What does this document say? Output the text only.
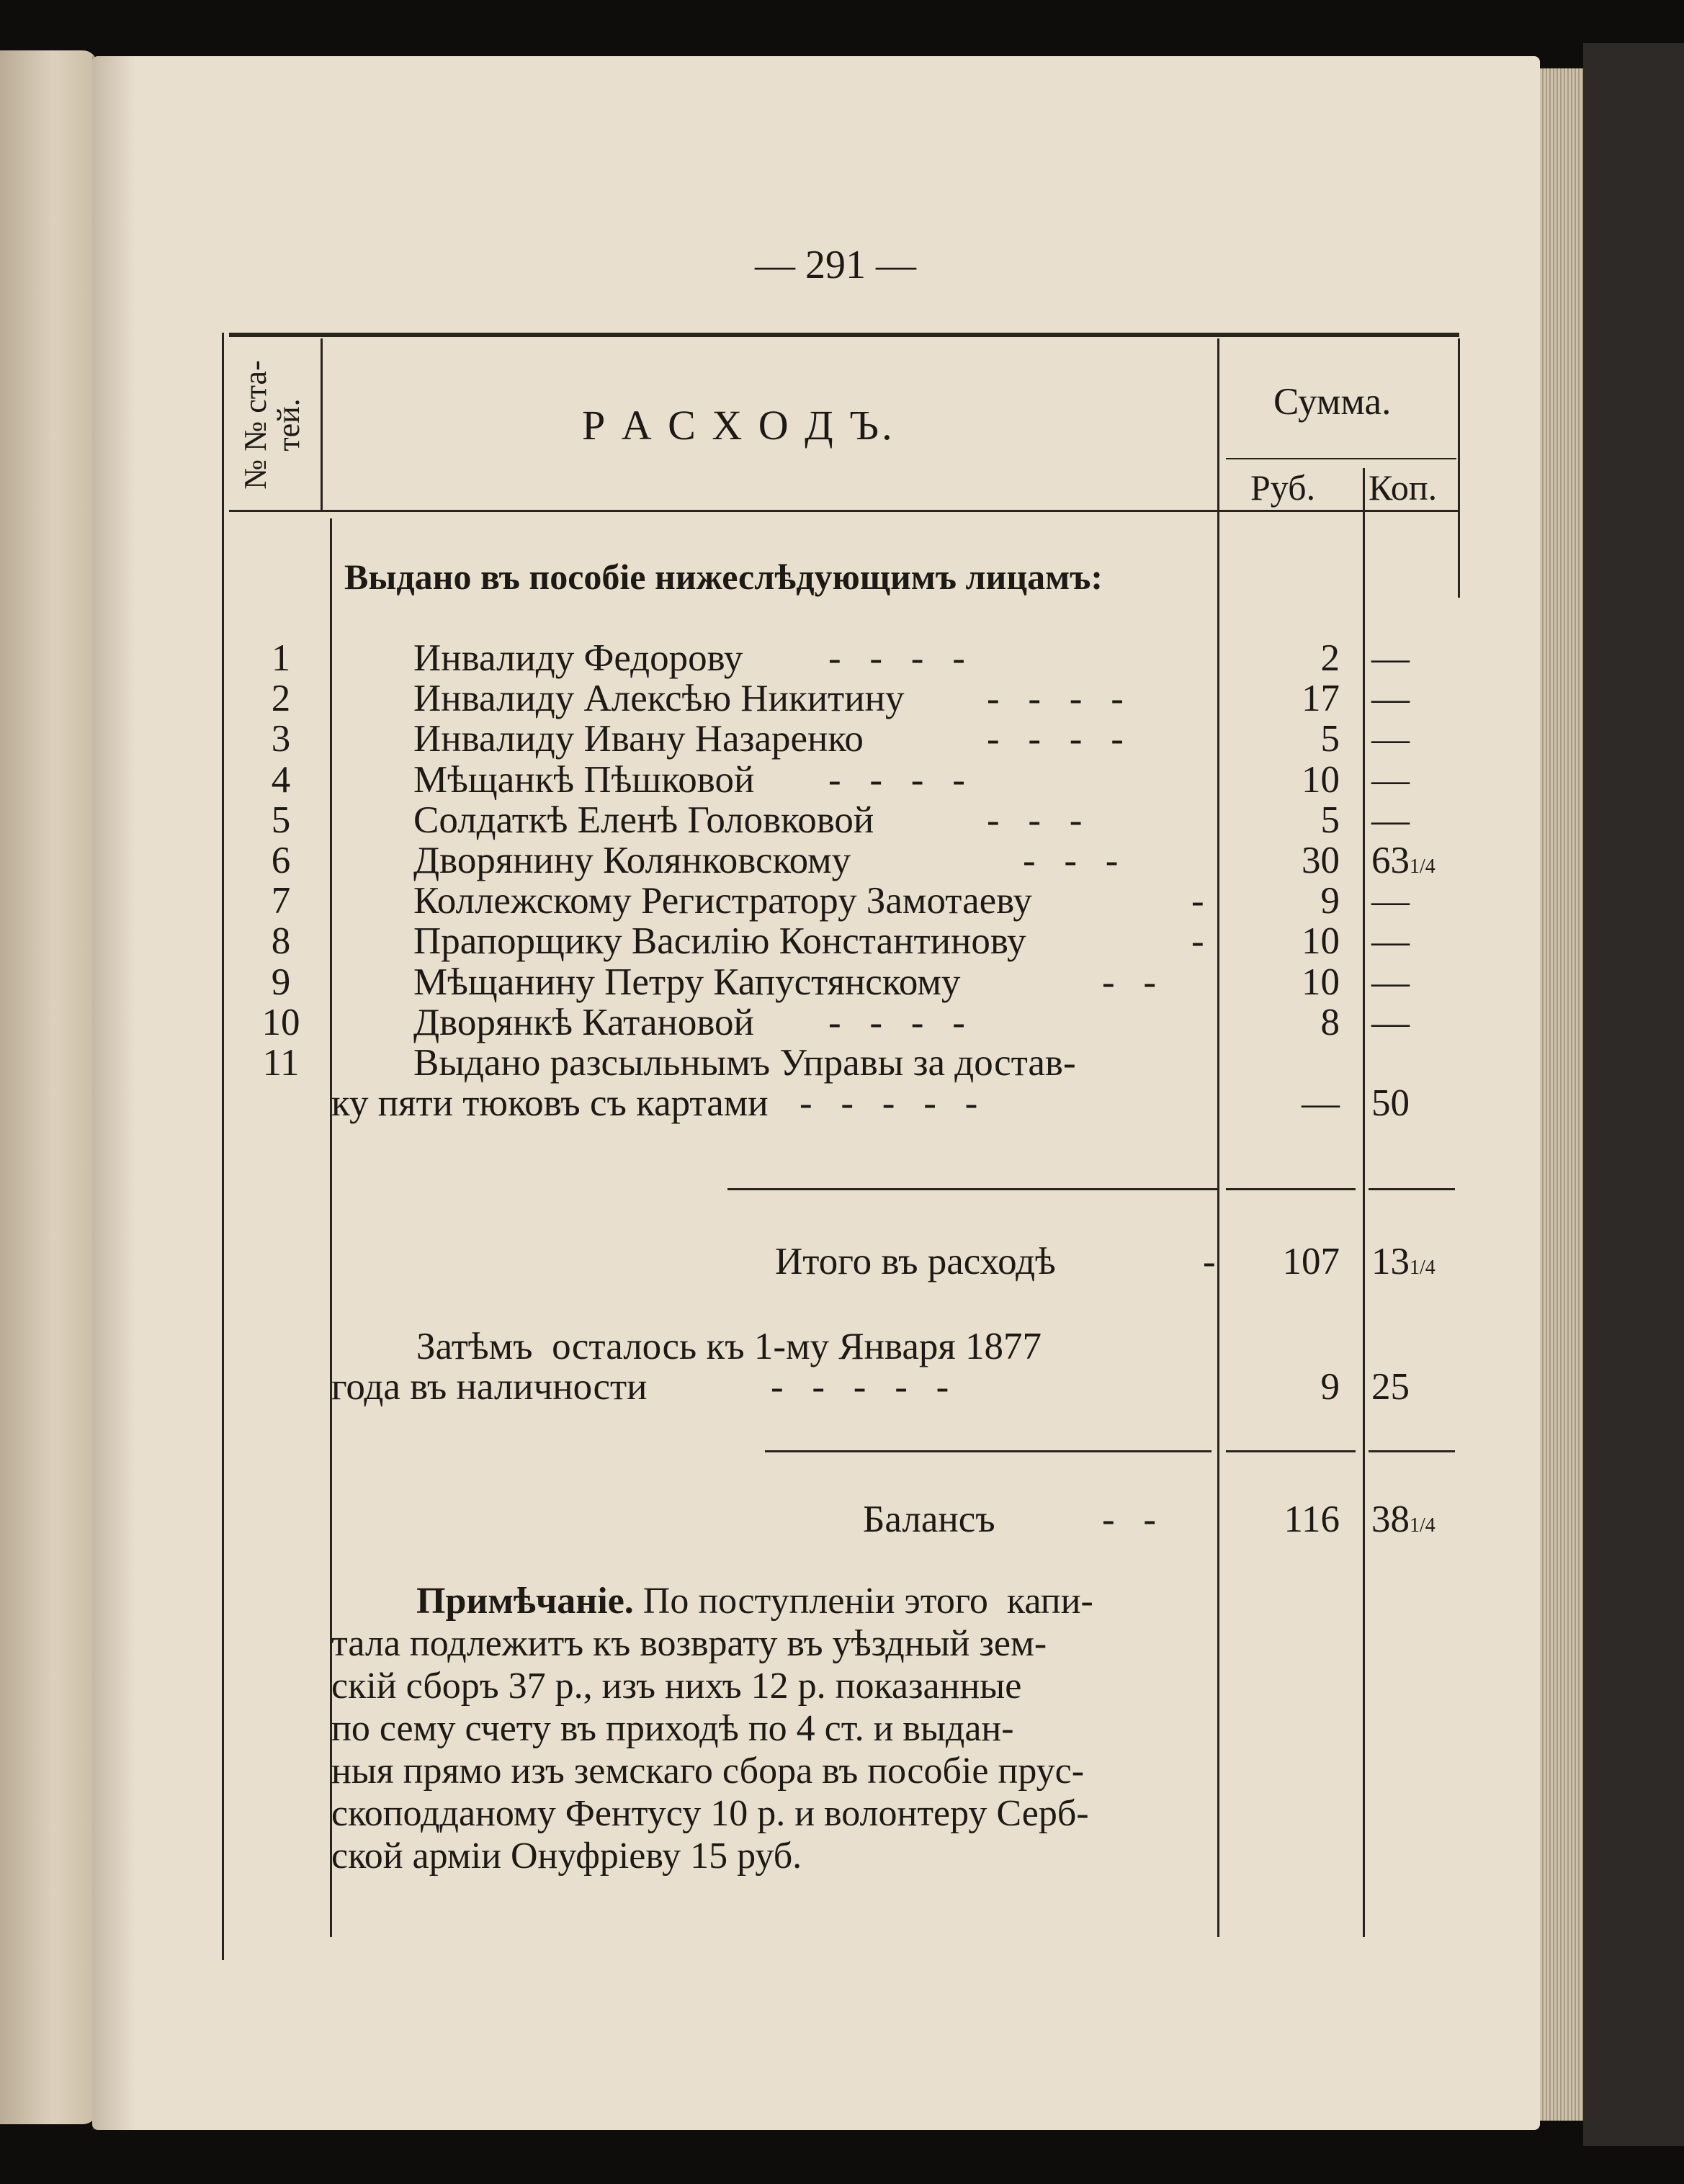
— 291 —
№ № ста-
тей.	Р А С Х О Д Ъ.	Сумма.
Руб. Коп.
Выдано въ пособiе нижеслѣдующимъ лицамъ:
1	Инвалиду Федорову -   -   -   -	2 —
2	Инвалиду Алексѣю Никитину -   -   -   -	17 —
3	Инвалиду Ивану Назаренко	-   -   -   -	5 —
4	Мѣщанкѣ Пѣшковой -   -   -   -	10 —
5	Солдаткѣ Еленѣ Головковой	-   -   -	5 —
6	Дворянину Колянковскому	-   -   -	30 631/4
7	Коллежскому Регистратору Замотаеву	-	9 —
8	Прапорщику Василiю Константинову	-	10 —
9	Мѣщанину Петру Капустянскому	-   -	10 —
10	Дворянкѣ Катановой -   -   -   -	8 —
11	Выдано разсыльнымъ Управы за достав-
ку пяти тюковъ съ картами -   -   -   -   -	— 50
Итого въ расходѣ	-	107 131/4
Затѣмъ  осталось къ 1-му Января 1877
года въ наличности	-   -   -   -   -	9 25
Балансъ	-   -	116 381/4
Примѣчанiе. По поступленiи этого  капи-
тала подлежитъ къ возврату въ уѣздный зем-
скiй сборъ 37 р., изъ нихъ 12 р. показанные
по сему счету въ приходѣ по 4 ст. и выдан-
ныя прямо изъ земскаго сбора въ пособiе прус-
скоподданому Фентусу 10 р. и волонтеру Серб-
ской армiи Онуфрiеву 15 руб.
